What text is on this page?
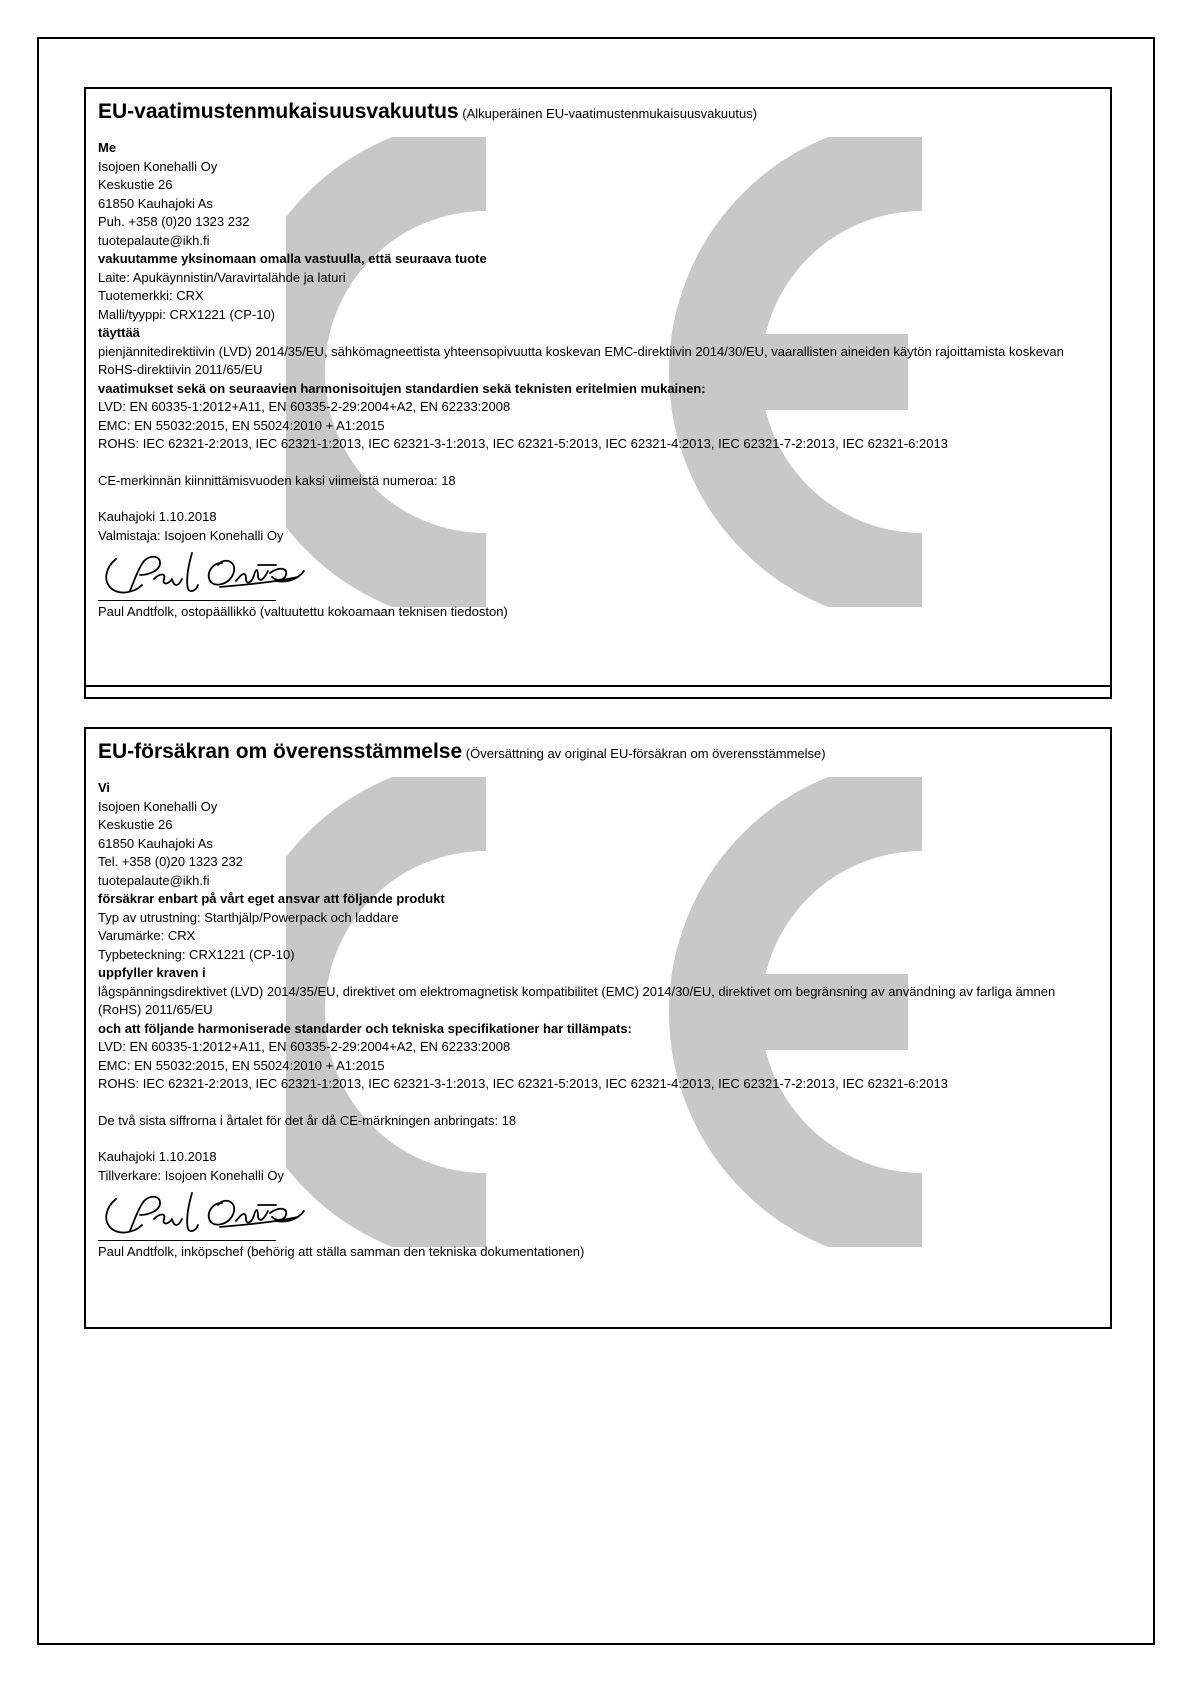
EU-vaatimustenmukaisuusvakuutus (Alkuperäinen EU-vaatimustenmukaisuusvakuutus)
Me
Isojoen Konehalli Oy
Keskustie 26
61850 Kauhajoki As
Puh. +358 (0)20 1323 232
tuotepalaute@ikh.fi
vakuutamme yksinomaan omalla vastuulla, että seuraava tuote
Laite: Apukäynnistin/Varavirtalähde ja laturi
Tuotemerkki: CRX
Malli/tyyppi: CRX1221 (CP-10)
täyttää
pienjännitedirektiivin (LVD) 2014/35/EU, sähkömagneettista yhteensopivuutta koskevan EMC-direktiivin 2014/30/EU, vaarallisten aineiden käytön rajoittamista koskevan
RoHS-direktiivin 2011/65/EU
vaatimukset sekä on seuraavien harmonisoitujen standardien sekä teknisten eritelmien mukainen:
LVD: EN 60335-1:2012+A11, EN 60335-2-29:2004+A2, EN 62233:2008
EMC: EN 55032:2015, EN 55024:2010 + A1:2015
ROHS: IEC 62321-2:2013, IEC 62321-1:2013, IEC 62321-3-1:2013, IEC 62321-5:2013, IEC 62321-4:2013, IEC 62321-7-2:2013, IEC 62321-6:2013
CE-merkinnän kiinnittämisvuoden kaksi viimeistä numeroa: 18
Kauhajoki 1.10.2018
Valmistaja: Isojoen Konehalli Oy
Paul Andtfolk, ostopäällikkö (valtuutettu kokoamaan teknisen tiedoston)
EU-försäkran om överensstämmelse (Översättning av original EU-försäkran om överensstämmelse)
Vi
Isojoen Konehalli Oy
Keskustie 26
61850 Kauhajoki As
Tel. +358 (0)20 1323 232
tuotepalaute@ikh.fi
försäkrar enbart på vårt eget ansvar att följande produkt
Typ av utrustning: Starthjälp/Powerpack och laddare
Varumärke: CRX
Typbeteckning: CRX1221 (CP-10)
uppfyller kraven i
lågspänningsdirektivet (LVD) 2014/35/EU, direktivet om elektromagnetisk kompatibilitet (EMC) 2014/30/EU, direktivet om begränsning av användning av farliga ämnen
(RoHS) 2011/65/EU
och att följande harmoniserade standarder och tekniska specifikationer har tillämpats:
LVD: EN 60335-1:2012+A11, EN 60335-2-29:2004+A2, EN 62233:2008
EMC: EN 55032:2015, EN 55024:2010 + A1:2015
ROHS: IEC 62321-2:2013, IEC 62321-1:2013, IEC 62321-3-1:2013, IEC 62321-5:2013, IEC 62321-4:2013, IEC 62321-7-2:2013, IEC 62321-6:2013
De två sista siffrorna i årtalet för det år då CE-märkningen anbringats: 18
Kauhajoki 1.10.2018
Tillverkare: Isojoen Konehalli Oy
Paul Andtfolk, inköpschef (behörig att ställa samman den tekniska dokumentationen)
